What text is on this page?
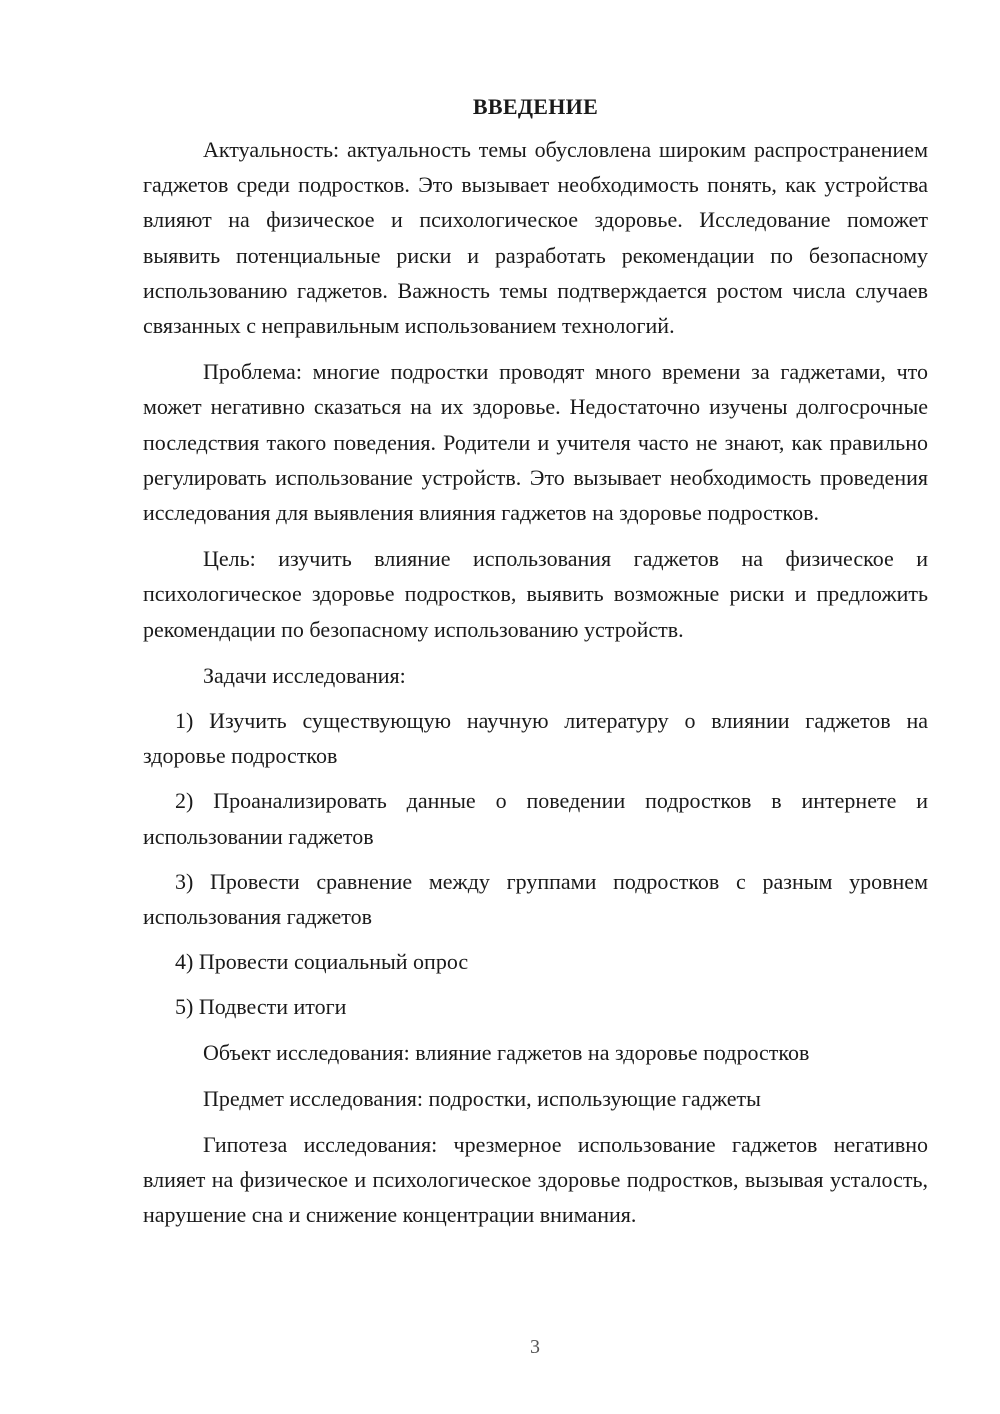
ВВЕДЕНИЕ

Актуальность: актуальность темы обусловлена широким распространением гаджетов среди подростков. Это вызывает необходимость понять, как устройства влияют на физическое и психологическое здоровье. Исследование поможет выявить потенциальные риски и разработать рекомендации по безопасному использованию гаджетов. Важность темы подтверждается ростом числа случаев связанных с неправильным использованием технологий.

Проблема: многие подростки проводят много времени за гаджетами, что может негативно сказаться на их здоровье. Недостаточно изучены долгосрочные последствия такого поведения. Родители и учителя часто не знают, как правильно регулировать использование устройств. Это вызывает необходимость проведения исследования для выявления влияния гаджетов на здоровье подростков.

Цель: изучить влияние использования гаджетов на физическое и психологическое здоровье подростков, выявить возможные риски и предложить рекомендации по безопасному использованию устройств.

Задачи исследования:

1) Изучить существующую научную литературу о влиянии гаджетов на здоровье подростков

2) Проанализировать данные о поведении подростков в интернете и использовании гаджетов

3) Провести сравнение между группами подростков с разным уровнем использования гаджетов

4) Провести социальный опрос

5) Подвести итоги

Объект исследования: влияние гаджетов на здоровье подростков

Предмет исследования: подростки, использующие гаджеты

Гипотеза исследования: чрезмерное использование гаджетов негативно влияет на физическое и психологическое здоровье подростков, вызывая усталость, нарушение сна и снижение концентрации внимания.

3
